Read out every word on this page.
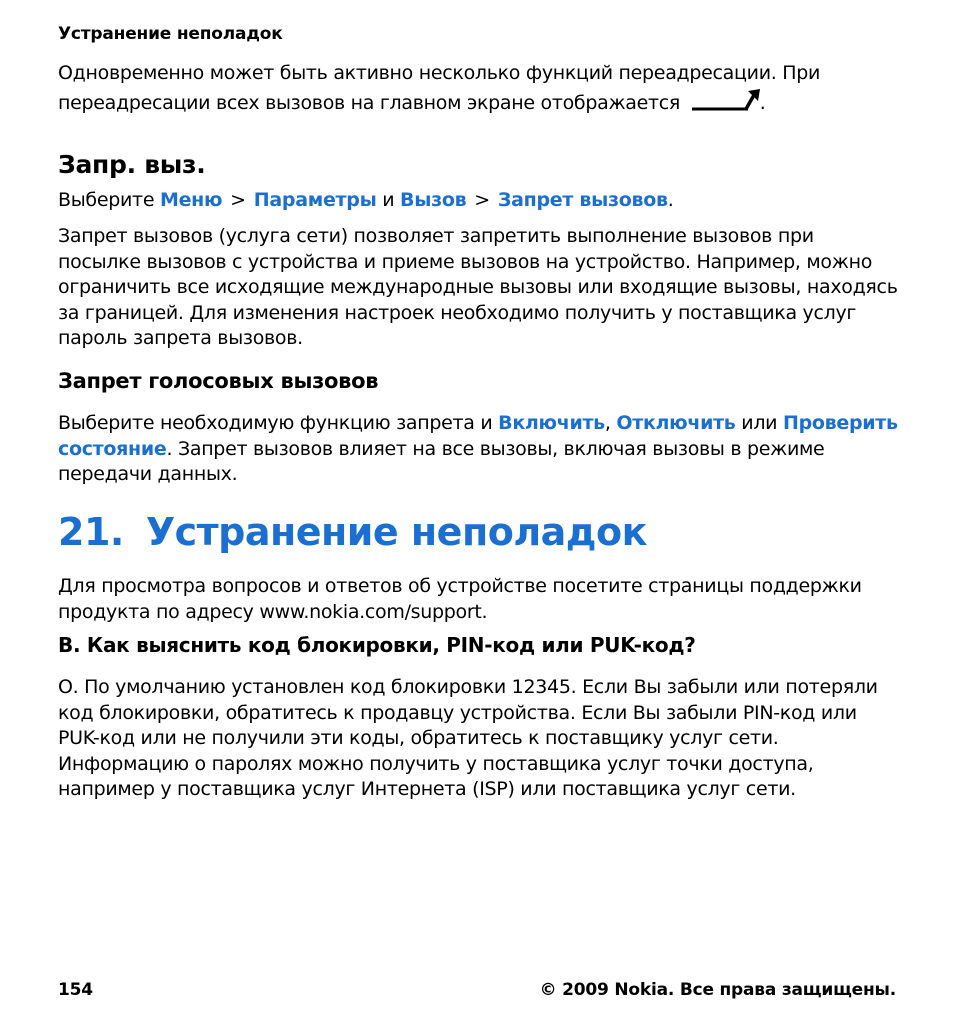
Устранение неполадок

Одновременно может быть активно несколько функций переадресации. При переадресации всех вызовов на главном экране отображается	.

Запр. выз.

Выберите Меню > Параметры и Вызов > Запрет вызовов.

Запрет вызовов (услуга сети) позволяет запретить выполнение вызовов при посылке вызовов с устройства и приеме вызовов на устройство. Например, можно ограничить все исходящие международные вызовы или входящие вызовы, находясь за границей. Для изменения настроек необходимо получить у поставщика услуг пароль запрета вызовов.

Запрет голосовых вызовов

Выберите необходимую функцию запрета и Включить, Отключить или Проверить состояние. Запрет вызовов влияет на все вызовы, включая вызовы в режиме передачи данных.

21. Устранение неполадок

Для просмотра вопросов и ответов об устройстве посетите страницы поддержки продукта по адресу www.nokia.com/support.

В. Как выяснить код блокировки, PIN-код или PUK-код?

О. По умолчанию установлен код блокировки 12345. Если Вы забыли или потеряли код блокировки, обратитесь к продавцу устройства. Если Вы забыли PIN-код или PUK-код или не получили эти коды, обратитесь к поставщику услуг сети. Информацию о паролях можно получить у поставщика услуг точки доступа, например у поставщика услуг Интернета (ISP) или поставщика услуг сети.

154	© 2009 Nokia. Все права защищены.
